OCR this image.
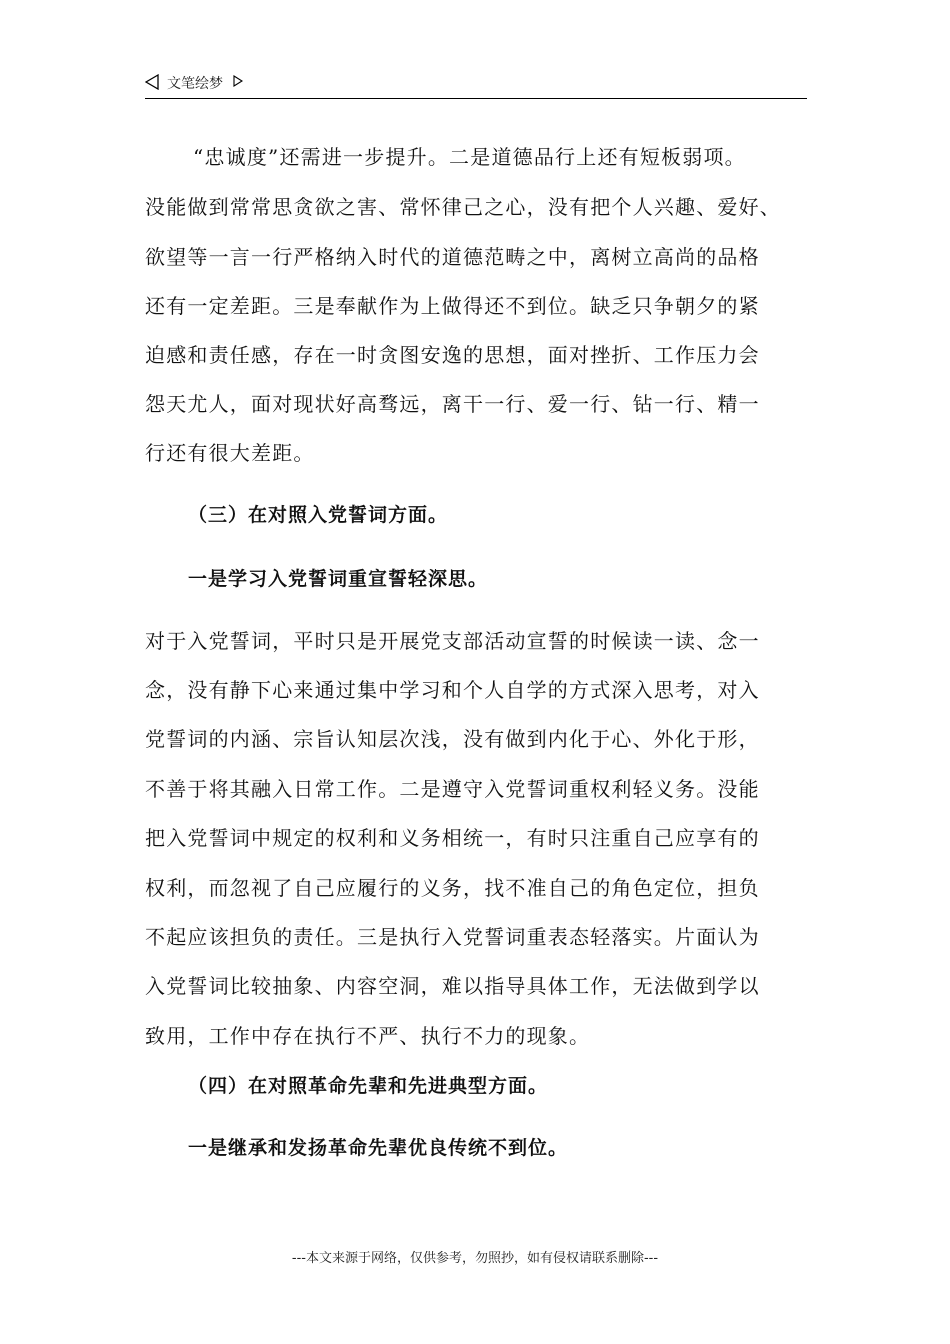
文笔绘梦
“忠诚度”还需进一步提升。二是道德品行上还有短板弱项。
没能做到常常思贪欲之害、常怀律己之心，没有把个人兴趣、爱好、
欲望等一言一行严格纳入时代的道德范畴之中，离树立高尚的品格
还有一定差距。三是奉献作为上做得还不到位。缺乏只争朝夕的紧
迫感和责任感，存在一时贪图安逸的思想，面对挫折、工作压力会
怨天尤人，面对现状好高骛远，离干一行、爱一行、钻一行、精一
行还有很大差距。
（三）在对照入党誓词方面。
一是学习入党誓词重宣誓轻深思。
对于入党誓词，平时只是开展党支部活动宣誓的时候读一读、念一
念，没有静下心来通过集中学习和个人自学的方式深入思考，对入
党誓词的内涵、宗旨认知层次浅，没有做到内化于心、外化于形，
不善于将其融入日常工作。二是遵守入党誓词重权利轻义务。没能
把入党誓词中规定的权利和义务相统一，有时只注重自己应享有的
权利，而忽视了自己应履行的义务，找不准自己的角色定位，担负
不起应该担负的责任。三是执行入党誓词重表态轻落实。片面认为
入党誓词比较抽象、内容空洞，难以指导具体工作，无法做到学以
致用，工作中存在执行不严、执行不力的现象。
（四）在对照革命先辈和先进典型方面。
一是继承和发扬革命先辈优良传统不到位。
---本文来源于网络，仅供参考，勿照抄，如有侵权请联系删除---
